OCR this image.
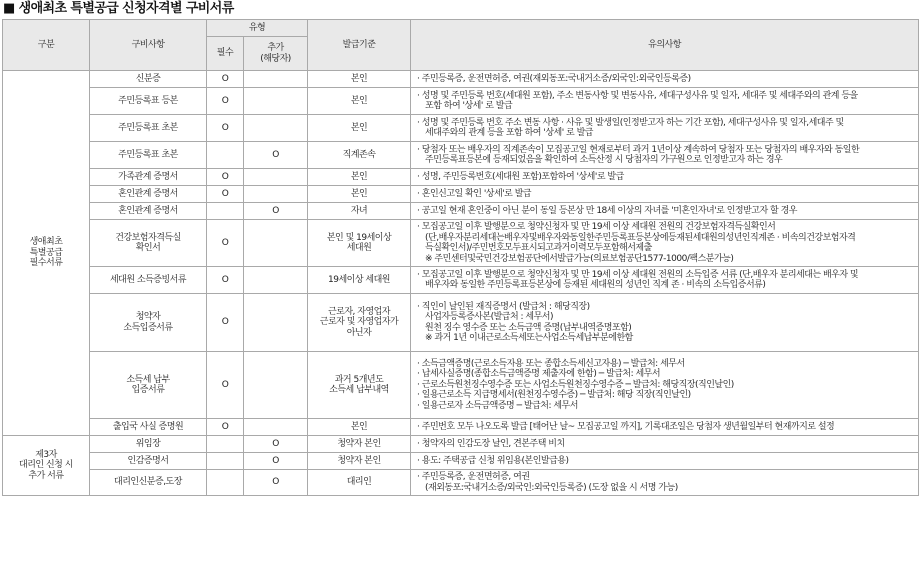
■ 생애최초 특별공급 신청자격별 구비서류
구분	구비사항	유형		발급기준	유의사항
		필수	추가
(해당자)		

생애최초
특별공급
필수서류	신분증	O		본인	· 주민등록증, 운전면허증, 여권(재외동포:국내거소증/외국인:외국인등록증)

	주민등록표 등본	O		본인	· 성명 및 주민등록 번호(세대원 포함), 주소 변동사항 및 변동사유, 세대구성사유 및 일자, 세대주 및 세대주와의 관계 등을
포함 하여 '상세' 로 발급

	주민등록표 초본	O		본인	· 성명 및 주민등록 번호 주소 변동 사항 · 사유 및 발생일(인정받고자 하는 기간 포함), 세대구성사유 및 일자,세대주 및
세대주와의 관계 등을 포함 하여 '상세' 로 발급

	주민등록표 초본		O	직계존속	· 당첨자 또는 배우자의 직계존속이 모집공고일 현재로부터 과거 1년이상 계속하여 당첨자 또는 당첨자의 배우자와 동일한
주민등록표등본에 등재되었음을 확인하여 소득산정 시 당첨자의 가구원으로 인정받고자 하는 경우

	가족관계 증명서	O		본인	· 성명, 주민등록번호(세대원 포함)포함하여 '상세'로 발급

	혼인관계 증명서	O		본인	· 혼인신고일 확인 '상세'로 발급

	혼인관계 증명서		O	자녀	· 공고일 현재 혼인중이 아닌 분이 동일 등본상 만 18세 이상의 자녀를 '미혼인자녀'로 인정받고자 할 경우

	건강보험자격득실
확인서	O		본인 및 19세이상
세대원	· 모집공고일 이후 발행분으로 청약신청자 및 만 19세 이상 세대원 전원의 건강보험자격득실확인서
(단,배우자분리세대는배우자및배우자와동일한주민등록표등본상에등재된세대원의성년인직계존 · 비속의건강보험자격
득실확인서)/주민번호모두표시되고과거이력모두포함해서제출
※ 주민센터및국민건강보험공단에서발급가능(의료보험공단1577-1000/팩스분가능)

	세대원 소득증빙서류	O		19세이상 세대원	· 모집공고일 이후 발행분으로 청약신청자 및 만 19세 이상 세대원 전원의 소득입증 서류 (단,배우자 분리세대는 배우자 및
배우자와 동일한 주민등록표등본상에 등재된 세대원의 성년인 직계 존 · 비속의 소득입증서류)

	청약자
소득입증서류	O		근로자, 자영업자
근로자 및 자영업자가
아닌자	· 직인이 날인된 재직증명서 (발급처 : 해당직장)
사업자등록증사본(발급처 : 세무서)
원천 징수 영수증 또는 소득금액 증명(납부내역증명포함)
※ 과거 1년 이내근로소득세또는사업소득세납부분에한함

	소득세 납부
입증서류	O		과거 5개년도
소득세 납부내역	· 소득금액증명(근로소득자용 또는 종합소득세신고자용) ─ 발급처: 세무서
· 납세사실증명(종합소득금액증명 제출자에 한함) ─ 발급처: 세무서
· 근로소득원천징수영수증 또는 사업소득원천징수영수증 ─ 발급처: 해당직장(직인날인)
· 일용근로소득 지급명세서(원천징수영수증) ─ 발급처: 해당 직장(직인날인)
· 일용근로자 소득금액증명 ─ 발급처: 세무서

	출입국 사실 증명원	O		본인	· 주민번호 모두 나오도록 발급 [태어난 날~ 모집공고일 까지], 기록대조일은 당첨자 생년월일부터 현재까지로 설정

제3자
대리인 신청 시
추가 서류	위임장		O	청약자 본인	· 청약자의 인감도장 날인, 견본주택 비치

	인감증명서		O	청약자 본인	· 용도: 주택공급 신청 위임용(본인발급용)

	대리인신분증,도장		O	대리인	· 주민등록증, 운전면허증, 여권
(재외동포:국내거소증/외국인:외국인등록증) (도장 없을 시 서명 가능)
